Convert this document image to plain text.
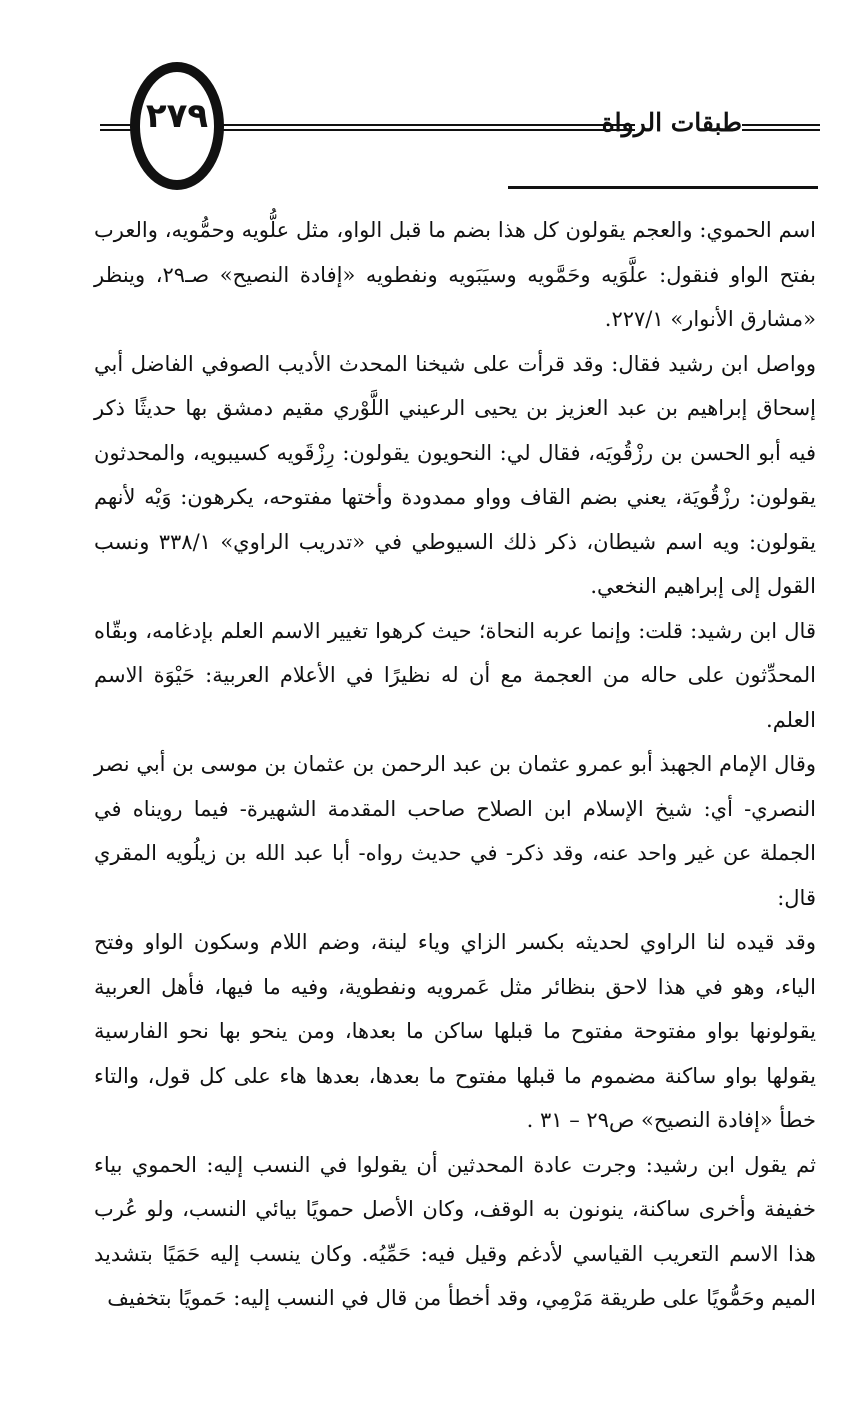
٢٧٩	طبقات الرواة

اسم الحموي: والعجم يقولون كل هذا بضم ما قبل الواو، مثل علُّويه وحمُّويه، والعرب بفتح الواو فنقول: علَّوَيه وحَمَّويه وسيَبَويه ونفطويه «إفادة النصيح» صـ٢٩، وينظر «مشارق الأنوار» ٢٢٧/١.

وواصل ابن رشيد فقال: وقد قرأت على شيخنا المحدث الأديب الصوفي الفاضل أبي إسحاق إبراهيم بن عبد العزيز بن يحيى الرعيني اللَّوْري مقيم دمشق بها حديثًا ذكر فيه أبو الحسن بن رزْقُويَه، فقال لي: النحويون يقولون: رِزْقَويه كسيبويه، والمحدثون يقولون: رزْقُويَة، يعني بضم القاف وواو ممدودة وأختها مفتوحه، يكرهون: وَيْه لأنهم يقولون: ويه اسم شيطان، ذكر ذلك السيوطي في «تدريب الراوي» ٣٣٨/١ ونسب القول إلى إبراهيم النخعي.

قال ابن رشيد: قلت: وإنما عربه النحاة؛ حيث كرهوا تغيير الاسم العلم بإدغامه، وبقّاه المحدِّثون على حاله من العجمة مع أن له نظيرًا في الأعلام العربية: حَيْوَة الاسم العلم.

وقال الإمام الجهبذ أبو عمرو عثمان بن عبد الرحمن بن عثمان بن موسى بن أبي نصر النصري- أي: شيخ الإسلام ابن الصلاح صاحب المقدمة الشهيرة- فيما رويناه في الجملة عن غير واحد عنه، وقد ذكر- في حديث رواه- أبا عبد الله بن زيلُويه المقري قال:

وقد قيده لنا الراوي لحديثه بكسر الزاي وياء لينة، وضم اللام وسكون الواو وفتح الياء، وهو في هذا لاحق بنظائر مثل عَمرويه ونفطوية، وفيه ما فيها، فأهل العربية يقولونها بواو مفتوحة مفتوح ما قبلها ساكن ما بعدها، ومن ينحو بها نحو الفارسية يقولها بواو ساكنة مضموم ما قبلها مفتوح ما بعدها، بعدها هاء على كل قول، والتاء خطأ «إفادة النصيح» ص٢٩ – ٣١ .

ثم يقول ابن رشيد: وجرت عادة المحدثين أن يقولوا في النسب إليه: الحموي بياء خفيفة وأخرى ساكنة، ينونون به الوقف، وكان الأصل حمويًا بيائي النسب، ولو عُرب هذا الاسم التعريب القياسي لأدغم وقيل فيه: حَمِّيُه. وكان ينسب إليه حَمَيًا بتشديد الميم وحَمُّويًا على طريقة مَرْمِي، وقد أخطأ من قال في النسب إليه: حَمويًا بتخفيف
